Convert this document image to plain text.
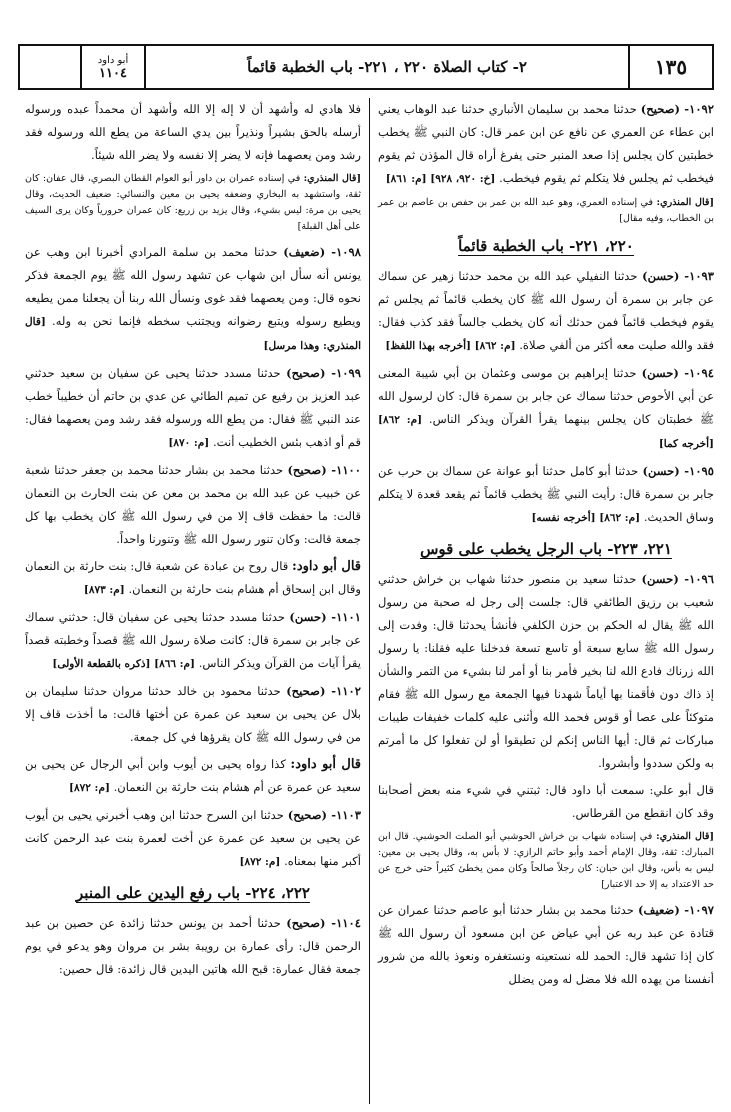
١٣٥
٢- كتاب الصلاة ٢٢٠ ، ٢٢١- باب الخطبة قائماً
أبو داود
١١٠٤

١٠٩٢- (صحيح) حدثنا محمد بن سليمان الأنباري حدثنا عبد الوهاب يعني ابن عطاء عن العمري عن نافع عن ابن عمر قال: كان النبي ﷺ يخطب خطبتين كان يجلس إذا صعد المنبر حتى يفرغ أراه قال المؤذن ثم يقوم فيخطب ثم يجلس فلا يتكلم ثم يقوم فيخطب. [خ: ٩٢٠، ٩٢٨] [م: ٨٦١]

[قال المنذري: في إسناده العمري، وهو عبد الله بن عمر بن حفص بن عاصم بن عمر بن الخطاب، وفيه مقال]

٢٢٠، ٢٢١- باب الخطبة قائماً

١٠٩٣- (حسن) حدثنا النفيلي عبد الله بن محمد حدثنا زهير عن سماك عن جابر بن سمرة أن رسول الله ﷺ كان يخطب قائماً ثم يجلس ثم يقوم فيخطب قائماً فمن حدثك أنه كان يخطب جالساً فقد كذب فقال: فقد والله صليت معه أكثر من ألفي صلاة. [م: ٨٦٢] [أخرجه بهذا اللفظ]

١٠٩٤- (حسن) حدثنا إبراهيم بن موسى وعثمان بن أبي شيبة المعنى عن أبي الأحوص حدثنا سماك عن جابر بن سمرة قال: كان لرسول الله ﷺ خطبتان كان يجلس بينهما يقرأ القرآن ويذكر الناس. [م: ٨٦٢] [أخرجه كما]

١٠٩٥- (حسن) حدثنا أبو كامل حدثنا أبو عوانة عن سماك بن حرب عن جابر بن سمرة قال: رأيت النبي ﷺ يخطب قائماً ثم يقعد قعدة لا يتكلم وساق الحديث. [م: ٨٦٢] [أخرجه نفسه]

٢٢١، ٢٢٣- باب الرجل يخطب على قوس

١٠٩٦- (حسن) حدثنا سعيد بن منصور حدثنا شهاب بن خراش حدثني شعيب بن رزيق الطائفي قال: جلست إلى رجل له صحبة من رسول الله ﷺ يقال له الحكم بن حزن الكلفي فأنشأ يحدثنا قال: وفدت إلى رسول الله ﷺ سابع سبعة أو تاسع تسعة فدخلنا عليه فقلنا: يا رسول الله زرناك فادع الله لنا بخير فأمر بنا أو أمر لنا بشيء من التمر والشأن إذ ذاك دون فأقمنا بها أياماً شهدنا فيها الجمعة مع رسول الله ﷺ فقام متوكئاً على عصا أو قوس فحمد الله وأثنى عليه كلمات خفيفات طيبات مباركات ثم قال: أيها الناس إنكم لن تطيقوا أو لن تفعلوا كل ما أمرتم به ولكن سددوا وأبشروا.

قال أبو علي: سمعت أبا داود قال: ثبتني في شيء منه بعض أصحابنا وقد كان انقطع من القرطاس.

[قال المنذري: في إسناده شهاب بن خراش الحوشبي أبو الصلت الحوشبي. قال ابن المبارك: ثقة، وقال الإمام أحمد وأبو حاتم الرازي: لا بأس به، وقال يحيى بن معين: ليس به بأس، وقال ابن حبان: كان رجلاً صالحاً وكان ممن يخطئ كثيراً حتى خرج عن حد الاعتداد به إلا حد الاعتبار]

١٠٩٧- (ضعيف) حدثنا محمد بن بشار حدثنا أبو عاصم حدثنا عمران عن قتادة عن عبد ربه عن أبي عياض عن ابن مسعود أن رسول الله ﷺ كان إذا تشهد قال: الحمد لله نستعينه ونستغفره ونعوذ بالله من شرور أنفسنا من يهده الله فلا مضل له ومن يضلل

فلا هادي له وأشهد أن لا إله إلا الله وأشهد أن محمداً عبده ورسوله أرسله بالحق بشيراً ونذيراً بين يدي الساعة من يطع الله ورسوله فقد رشد ومن يعصهما فإنه لا يضر إلا نفسه ولا يضر الله شيئاً.

[قال المنذري: في إسناده عمران بن داور أبو العوام القطان البصري، قال عفان: كان ثقة، واستشهد به البخاري وضعفه يحيى بن معين والنسائي: ضعيف الحديث، وقال يحيى بن مرة: ليس بشيء، وقال يزيد بن زريع: كان عمران حرورياً وكان يرى السيف على أهل القبلة]

١٠٩٨- (ضعيف) حدثنا محمد بن سلمة المرادي أخبرنا ابن وهب عن يونس أنه سأل ابن شهاب عن تشهد رسول الله ﷺ يوم الجمعة فذكر نحوه قال: ومن يعصهما فقد غوى ونسأل الله ربنا أن يجعلنا ممن يطيعه ويطيع رسوله ويتبع رضوانه ويجتنب سخطه فإنما نحن به وله. [قال المنذري: وهذا مرسل]

١٠٩٩- (صحيح) حدثنا مسدد حدثنا يحيى عن سفيان بن سعيد حدثني عبد العزيز بن رفيع عن تميم الطائي عن عدي بن حاتم أن خطيباً خطب عند النبي ﷺ فقال: من يطع الله ورسوله فقد رشد ومن يعصهما فقال: قم أو اذهب بئس الخطيب أنت. [م: ٨٧٠]

١١٠٠- (صحيح) حدثنا محمد بن بشار حدثنا محمد بن جعفر حدثنا شعبة عن خبيب عن عبد الله بن محمد بن معن عن بنت الحارث بن النعمان قالت: ما حفظت قاف إلا من في رسول الله ﷺ كان يخطب بها كل جمعة قالت: وكان تنور رسول الله ﷺ وتنورنا واحداً.

قال أبو داود: قال روح بن عبادة عن شعبة قال: بنت حارثة بن النعمان وقال ابن إسحاق أم هشام بنت حارثة بن النعمان. [م: ٨٧٣]

١١٠١- (حسن) حدثنا مسدد حدثنا يحيى عن سفيان قال: حدثني سماك عن جابر بن سمرة قال: كانت صلاة رسول الله ﷺ قصداً وخطبته قصداً يقرأ آيات من القرآن ويذكر الناس. [م: ٨٦٦] [ذكره بالقطعة الأولى]

١١٠٢- (صحيح) حدثنا محمود بن خالد حدثنا مروان حدثنا سليمان بن بلال عن يحيى بن سعيد عن عمرة عن أختها قالت: ما أخذت قاف إلا من في رسول الله ﷺ كان يقرؤها في كل جمعة.

قال أبو داود: كذا رواه يحيى بن أيوب وابن أبي الرجال عن يحيى بن سعيد عن عمرة عن أم هشام بنت حارثة بن النعمان. [م: ٨٧٢]

١١٠٣- (صحيح) حدثنا ابن السرح حدثنا ابن وهب أخبرني يحيى بن أيوب عن يحيى بن سعيد عن عمرة عن أخت لعمرة بنت عبد الرحمن كانت أكبر منها بمعناه. [م: ٨٧٢]

٢٢٢، ٢٢٤- باب رفع اليدين على المنبر

١١٠٤- (صحيح) حدثنا أحمد بن يونس حدثنا زائدة عن حصين بن عبد الرحمن قال: رأى عمارة بن رويبة بشر بن مروان وهو يدعو في يوم جمعة فقال عمارة: قبح الله هاتين اليدين قال زائدة: قال حصين:
